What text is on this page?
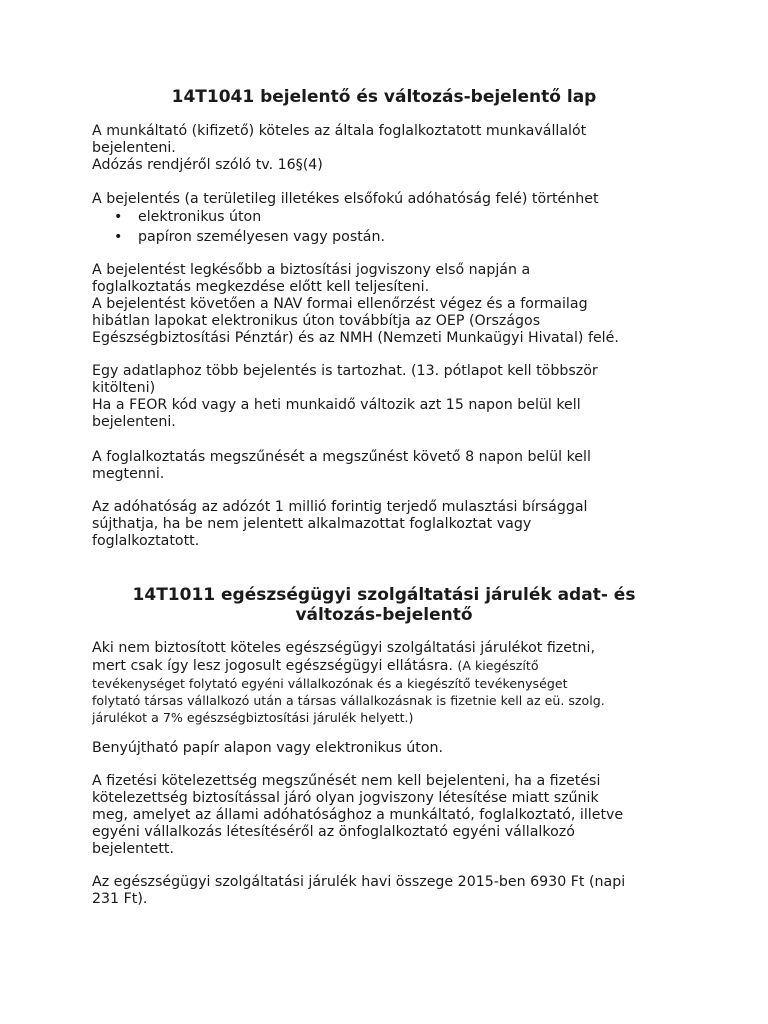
14T1041 bejelentő és változás-bejelentő lap
A munkáltató (kifizető) köteles az általa foglalkoztatott munkavállalót
bejelenteni.
Adózás rendjéről szóló tv. 16§(4)
A bejelentés (a területileg illetékes elsőfokú adóhatóság felé) történhet
• elektronikus úton
• papíron személyesen vagy postán.
A bejelentést legkésőbb a biztosítási jogviszony első napján a
foglalkoztatás megkezdése előtt kell teljesíteni.
A bejelentést követően a NAV formai ellenőrzést végez és a formailag
hibátlan lapokat elektronikus úton továbbítja az OEP (Országos
Egészségbiztosítási Pénztár) és az NMH (Nemzeti Munkaügyi Hivatal) felé.
Egy adatlaphoz több bejelentés is tartozhat. (13. pótlapot kell többször
kitölteni)
Ha a FEOR kód vagy a heti munkaidő változik azt 15 napon belül kell
bejelenteni.
A foglalkoztatás megszűnését a megszűnést követő 8 napon belül kell
megtenni.
Az adóhatóság az adózót 1 millió forintig terjedő mulasztási bírsággal
sújthatja, ha be nem jelentett alkalmazottat foglalkoztat vagy
foglalkoztatott.
14T1011 egészségügyi szolgáltatási járulék adat- és
változás-bejelentő
Aki nem biztosított köteles egészségügyi szolgáltatási járulékot fizetni,
mert csak így lesz jogosult egészségügyi ellátásra. (A kiegészítő
tevékenységet folytató egyéni vállalkozónak és a kiegészítő tevékenységet
folytató társas vállalkozó után a társas vállalkozásnak is fizetnie kell az eü. szolg.
járulékot a 7% egészségbiztosítási járulék helyett.)
Benyújtható papír alapon vagy elektronikus úton.
A fizetési kötelezettség megszűnését nem kell bejelenteni, ha a fizetési
kötelezettség biztosítással járó olyan jogviszony létesítése miatt szűnik
meg, amelyet az állami adóhatósághoz a munkáltató, foglalkoztató, illetve
egyéni vállalkozás létesítéséről az önfoglalkoztató egyéni vállalkozó
bejelentett.
Az egészségügyi szolgáltatási járulék havi összege 2015-ben 6930 Ft (napi
231 Ft).
